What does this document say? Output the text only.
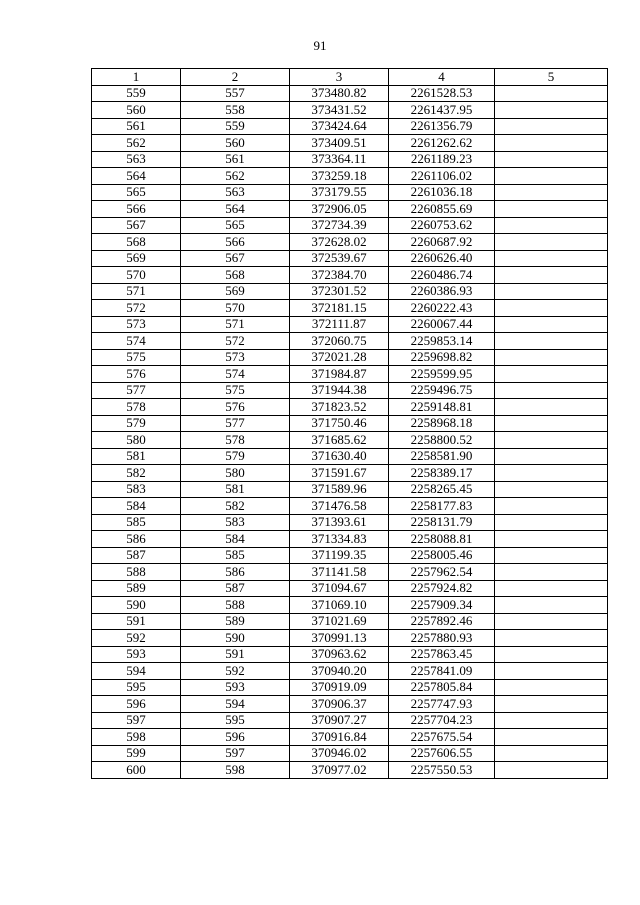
91
1	2	3	4	5
559	557	373480.82	2261528.53	
560	558	373431.52	2261437.95	
561	559	373424.64	2261356.79	
562	560	373409.51	2261262.62	
563	561	373364.11	2261189.23	
564	562	373259.18	2261106.02	
565	563	373179.55	2261036.18	
566	564	372906.05	2260855.69	
567	565	372734.39	2260753.62	
568	566	372628.02	2260687.92	
569	567	372539.67	2260626.40	
570	568	372384.70	2260486.74	
571	569	372301.52	2260386.93	
572	570	372181.15	2260222.43	
573	571	372111.87	2260067.44	
574	572	372060.75	2259853.14	
575	573	372021.28	2259698.82	
576	574	371984.87	2259599.95	
577	575	371944.38	2259496.75	
578	576	371823.52	2259148.81	
579	577	371750.46	2258968.18	
580	578	371685.62	2258800.52	
581	579	371630.40	2258581.90	
582	580	371591.67	2258389.17	
583	581	371589.96	2258265.45	
584	582	371476.58	2258177.83	
585	583	371393.61	2258131.79	
586	584	371334.83	2258088.81	
587	585	371199.35	2258005.46	
588	586	371141.58	2257962.54	
589	587	371094.67	2257924.82	
590	588	371069.10	2257909.34	
591	589	371021.69	2257892.46	
592	590	370991.13	2257880.93	
593	591	370963.62	2257863.45	
594	592	370940.20	2257841.09	
595	593	370919.09	2257805.84	
596	594	370906.37	2257747.93	
597	595	370907.27	2257704.23	
598	596	370916.84	2257675.54	
599	597	370946.02	2257606.55	
600	598	370977.02	2257550.53	
